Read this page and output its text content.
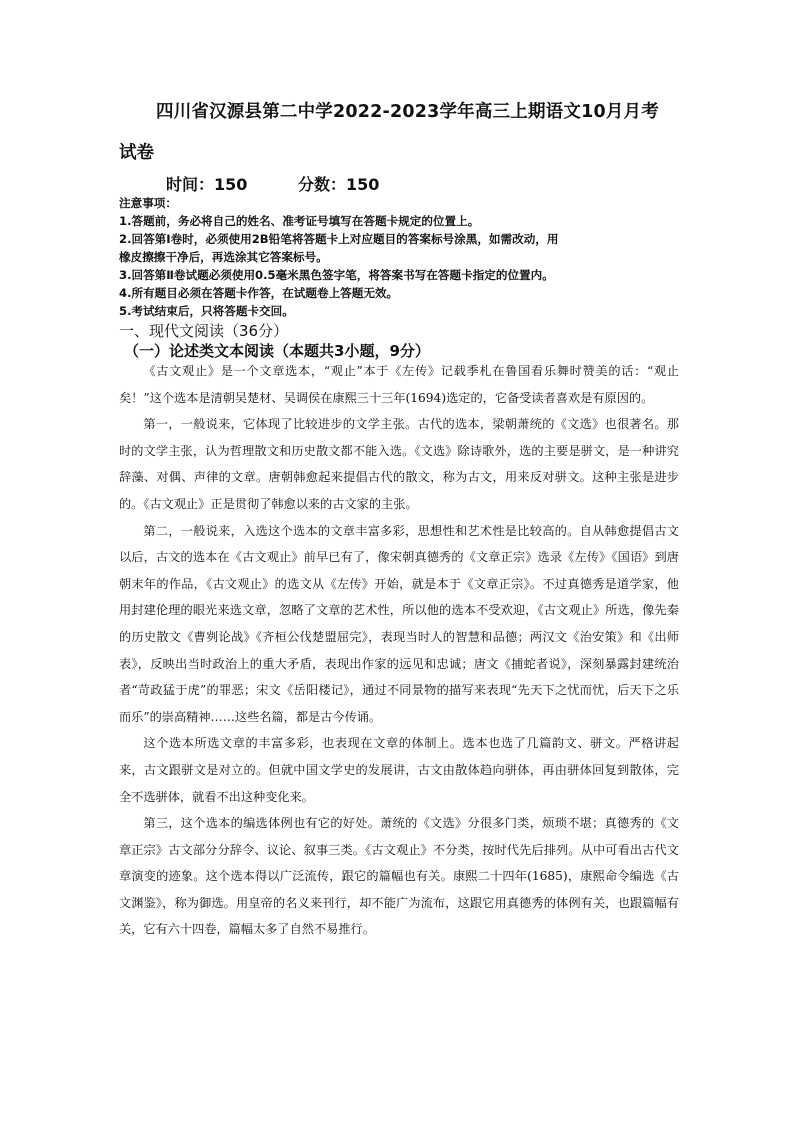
四川省汉源县第二中学2022-2023学年高三上期语文10月月考
试卷
时间：150	分数：150
注意事项：
1.答题前，务必将自己的姓名、准考证号填写在答题卡规定的位置上。
2.回答第Ⅰ卷时，必须使用2B铅笔将答题卡上对应题目的答案标号涂黑，如需改动，用
橡皮擦擦干净后，再选涂其它答案标号。
3.回答第Ⅱ卷试题必须使用0.5毫米黑色签字笔，将答案书写在答题卡指定的位置内。
4.所有题目必须在答题卡作答，在试题卷上答题无效。
5.考试结束后，只将答题卡交回。
一、现代文阅读（36分）
（一）论述类文本阅读（本题共3小题，9分）

《古文观止》是一个文章选本，“观止”本于《左传》记载季札在鲁国看乐舞时赞美的话：“观止矣！”这个选本是清朝吴楚材、吴调侯在康熙三十三年(1694)选定的，它备受读者喜欢是有原因的。

第一，一般说来，它体现了比较进步的文学主张。古代的选本，梁朝萧统的《文选》也很著名。那时的文学主张，认为哲理散文和历史散文都不能入选。《文选》除诗歌外，选的主要是骈文，是一种讲究辞藻、对偶、声律的文章。唐朝韩愈起来提倡古代的散文，称为古文，用来反对骈文。这种主张是进步的。《古文观止》正是贯彻了韩愈以来的古文家的主张。

第二，一般说来，入选这个选本的文章丰富多彩，思想性和艺术性是比较高的。自从韩愈提倡古文以后，古文的选本在《古文观止》前早已有了，像宋朝真德秀的《文章正宗》选录《左传》《国语》到唐朝末年的作品，《古文观止》的选文从《左传》开始，就是本于《文章正宗》。不过真德秀是道学家，他用封建伦理的眼光来选文章，忽略了文章的艺术性，所以他的选本不受欢迎，《古文观止》所选，像先秦的历史散文《曹刿论战》《齐桓公伐楚盟屈完》，表现当时人的智慧和品德；两汉文《治安策》和《出师表》，反映出当时政治上的重大矛盾，表现出作家的远见和忠诚；唐文《捕蛇者说》，深刻暴露封建统治者“苛政猛于虎”的罪恶；宋文《岳阳楼记》，通过不同景物的描写来表现“先天下之忧而忧，后天下之乐而乐”的崇高精神……这些名篇，都是古今传诵。

这个选本所选文章的丰富多彩，也表现在文章的体制上。选本也选了几篇韵文、骈文。严格讲起来，古文跟骈文是对立的。但就中国文学史的发展讲，古文由散体趋向骈体，再由骈体回复到散体，完全不选骈体，就看不出这种变化来。

第三，这个选本的编选体例也有它的好处。萧统的《文选》分很多门类，烦琐不堪；真德秀的《文章正宗》古文部分分辞令、议论、叙事三类。《古文观止》不分类，按时代先后排列。从中可看出古代文章演变的迹象。这个选本得以广泛流传，跟它的篇幅也有关。康熙二十四年(1685)，康熙命令编选《古文渊鉴》，称为御选。用皇帝的名义来刊行，却不能广为流布，这跟它用真德秀的体例有关，也跟篇幅有关，它有六十四卷，篇幅太多了自然不易推行。
